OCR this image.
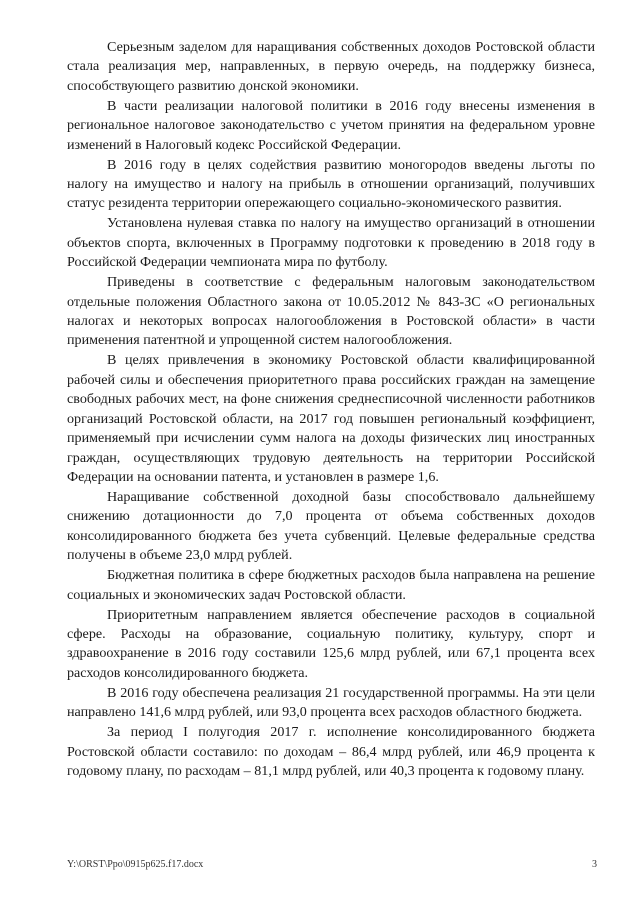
Серьезным заделом для наращивания собственных доходов Ростовской области стала реализация мер, направленных, в первую очередь, на поддержку бизнеса, способствующего развитию донской экономики.

В части реализации налоговой политики в 2016 году внесены изменения в региональное налоговое законодательство с учетом принятия на федеральном уровне изменений в Налоговый кодекс Российской Федерации.

В 2016 году в целях содействия развитию моногородов введены льготы по налогу на имущество и налогу на прибыль в отношении организаций, получивших статус резидента территории опережающего социально-экономического развития.

Установлена нулевая ставка по налогу на имущество организаций в отношении объектов спорта, включенных в Программу подготовки к проведению в 2018 году в Российской Федерации чемпионата мира по футболу.

Приведены в соответствие с федеральным налоговым законодательством отдельные положения Областного закона от 10.05.2012 № 843-ЗС «О региональных налогах и некоторых вопросах налогообложения в Ростовской области» в части применения патентной и упрощенной систем налогообложения.

В целях привлечения в экономику Ростовской области квалифицированной рабочей силы и обеспечения приоритетного права российских граждан на замещение свободных рабочих мест, на фоне снижения среднесписочной численности работников организаций Ростовской области, на 2017 год повышен региональный коэффициент, применяемый при исчислении сумм налога на доходы физических лиц иностранных граждан, осуществляющих трудовую деятельность на территории Российской Федерации на основании патента, и установлен в размере 1,6.

Наращивание собственной доходной базы способствовало дальнейшему снижению дотационности до 7,0 процента от объема собственных доходов консолидированного бюджета без учета субвенций. Целевые федеральные средства получены в объеме 23,0 млрд рублей.

Бюджетная политика в сфере бюджетных расходов была направлена на решение социальных и экономических задач Ростовской области.

Приоритетным направлением является обеспечение расходов в социальной сфере. Расходы на образование, социальную политику, культуру, спорт и здравоохранение в 2016 году составили 125,6 млрд рублей, или 67,1 процента всех расходов консолидированного бюджета.

В 2016 году обеспечена реализация 21 государственной программы. На эти цели направлено 141,6 млрд рублей, или 93,0 процента всех расходов областного бюджета.

За период I полугодия 2017 г. исполнение консолидированного бюджета Ростовской области составило: по доходам – 86,4 млрд рублей, или 46,9 процента к годовому плану, по расходам – 81,1 млрд рублей, или 40,3 процента к годовому плану.

Y:\ORST\Ppo\0915p625.f17.docx	3
